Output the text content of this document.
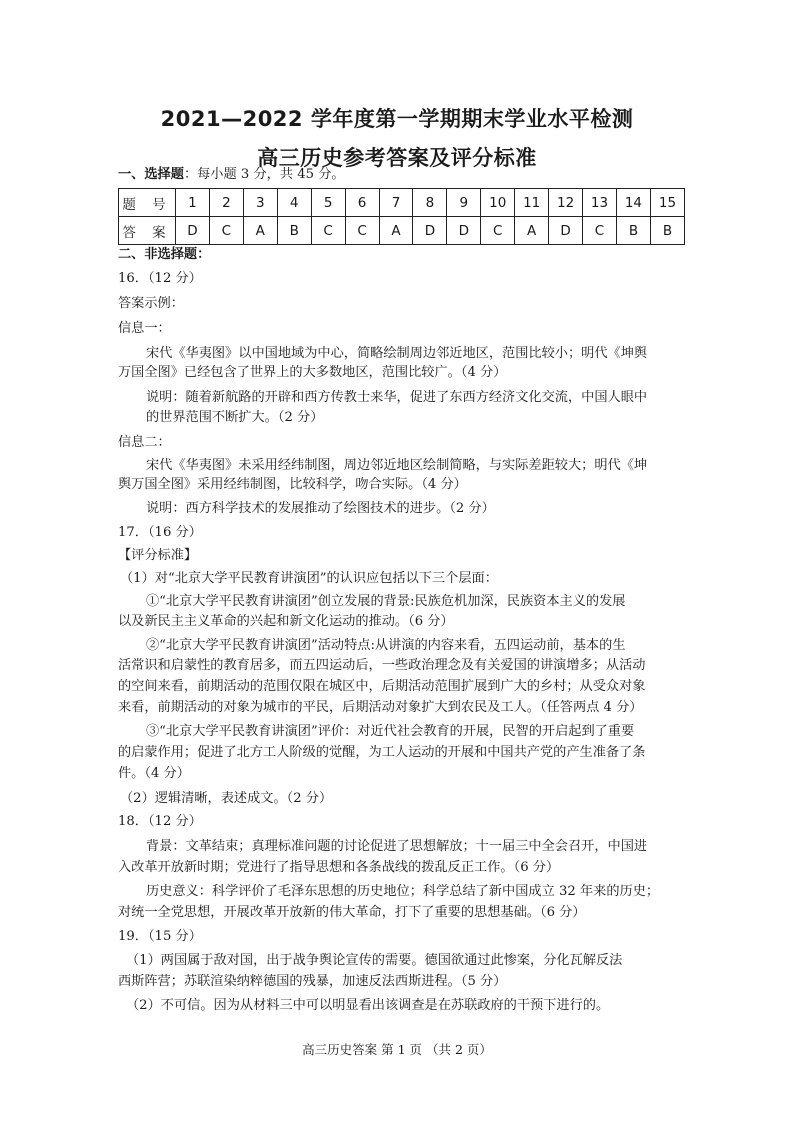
2021—2022 学年度第一学期期末学业水平检测
高三历史参考答案及评分标准
一、选择题：每小题 3 分，共 45 分。
题 号	1	2	3	4	5	6	7	8	9	10	11	12	13	14	15
答 案	D	C	A	B	C	C	A	D	D	C	A	D	C	B	B
二、非选择题：
16．（12 分）
答案示例：
信息一：
宋代《华夷图》以中国地域为中心，简略绘制周边邻近地区，范围比较小；明代《坤舆
万国全图》已经包含了世界上的大多数地区，范围比较广。（4 分）
说明：随着新航路的开辟和西方传教士来华，促进了东西方经济文化交流，中国人眼中
的世界范围不断扩大。（2 分）
信息二：
宋代《华夷图》未采用经纬制图，周边邻近地区绘制简略，与实际差距较大；明代《坤
舆万国全图》采用经纬制图，比较科学，吻合实际。（4 分）
说明：西方科学技术的发展推动了绘图技术的进步。（2 分）
17．（16 分）
【评分标准】
（1）对“北京大学平民教育讲演团”的认识应包括以下三个层面：
①“北京大学平民教育讲演团”创立发展的背景:民族危机加深，民族资本主义的发展
以及新民主主义革命的兴起和新文化运动的推动。（6 分）
②“北京大学平民教育讲演团”活动特点:从讲演的内容来看，五四运动前，基本的生
活常识和启蒙性的教育居多，而五四运动后，一些政治理念及有关爱国的讲演增多；从活动
的空间来看，前期活动的范围仅限在城区中，后期活动范围扩展到广大的乡村；从受众对象
来看，前期活动的对象为城市的平民，后期活动对象扩大到农民及工人。（任答两点 4 分）
③“北京大学平民教育讲演团”评价：对近代社会教育的开展，民智的开启起到了重要
的启蒙作用；促进了北方工人阶级的觉醒，为工人运动的开展和中国共产党的产生准备了条
件。（4 分）
（2）逻辑清晰，表述成文。（2 分）
18．（12 分）
背景：文革结束；真理标准问题的讨论促进了思想解放；十一届三中全会召开，中国进
入改革开放新时期；党进行了指导思想和各条战线的拨乱反正工作。（6 分）
历史意义：科学评价了毛泽东思想的历史地位；科学总结了新中国成立 32 年来的历史；
对统一全党思想，开展改革开放新的伟大革命，打下了重要的思想基础。（6 分）
19．（15 分）
（1）两国属于敌对国，出于战争舆论宣传的需要。德国欲通过此惨案，分化瓦解反法
西斯阵营；苏联渲染纳粹德国的残暴，加速反法西斯进程。（5 分）
（2）不可信。因为从材料三中可以明显看出该调查是在苏联政府的干预下进行的。
高三历史答案 第 1 页 （共 2 页）
